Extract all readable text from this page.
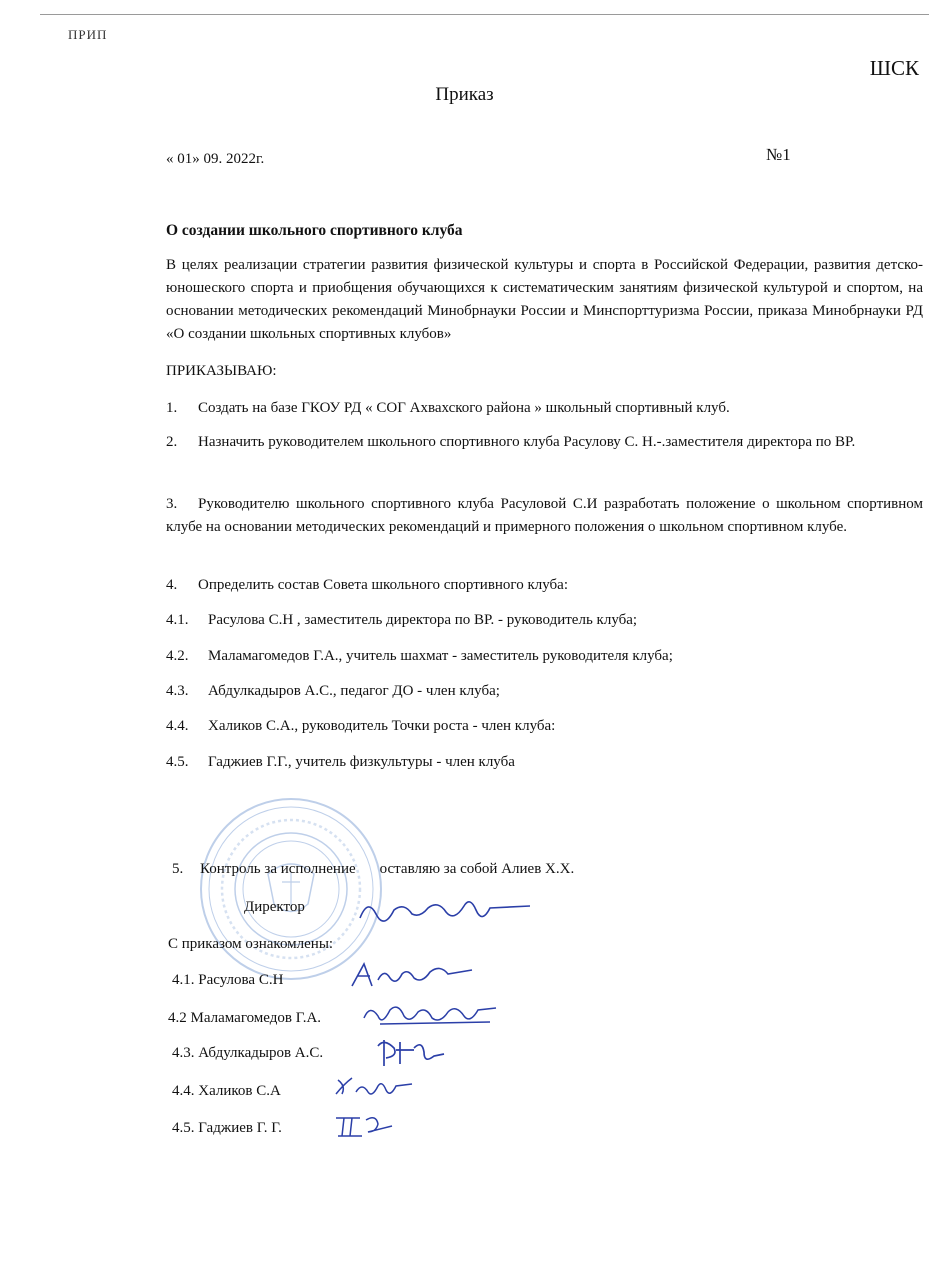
ПРИП
ШСК
Приказ
« 01» 09. 2022г.	№1
О создании школьного спортивного клуба
В целях реализации стратегии развития физической культуры и спорта в Российской Федерации, развития детско-юношеского спорта и приобщения обучающихся к систематическим занятиям физической культурой и спортом, на основании методических рекомендаций Минобрнауки России и Минспорттуризма России, приказа Минобрнауки РД «О создании школьных спортивных клубов»
ПРИКАЗЫВАЮ:
1. Создать на базе ГКОУ РД « СОГ Ахвахского района » школьный спортивный клуб.
2. Назначить руководителем школьного спортивного клуба Расулову С. Н.-.заместителя директора по ВР.
3. Руководителю школьного спортивного клуба Расуловой С.И разработать положение о школьном спортивном клубе на основании методических рекомендаций и примерного положения о школьном спортивном клубе.
4. Определить состав Совета школьного спортивного клуба:
4.1. Расулова С.Н , заместитель директора по ВР. - руководитель клуба;
4.2. Маламагомедов Г.А., учитель шахмат - заместитель руководителя клуба;
4.3. Абдулкадыров А.С., педагог ДО - член клуба;
4.4. Халиков С.А., руководитель Точки роста - член клуба:
4.5. Гаджиев Г.Г., учитель физкультуры - член клуба
5. Контроль за исполнение оставляю за собой Алиев Х.Х.
Директор
С приказом ознакомлены:
4.1. Расулова С.Н
4.2 Маламагомедов Г.А.
4.3. Абдулкадыров А.С.
4.4. Халиков С.А
4.5. Гаджиев Г. Г.
